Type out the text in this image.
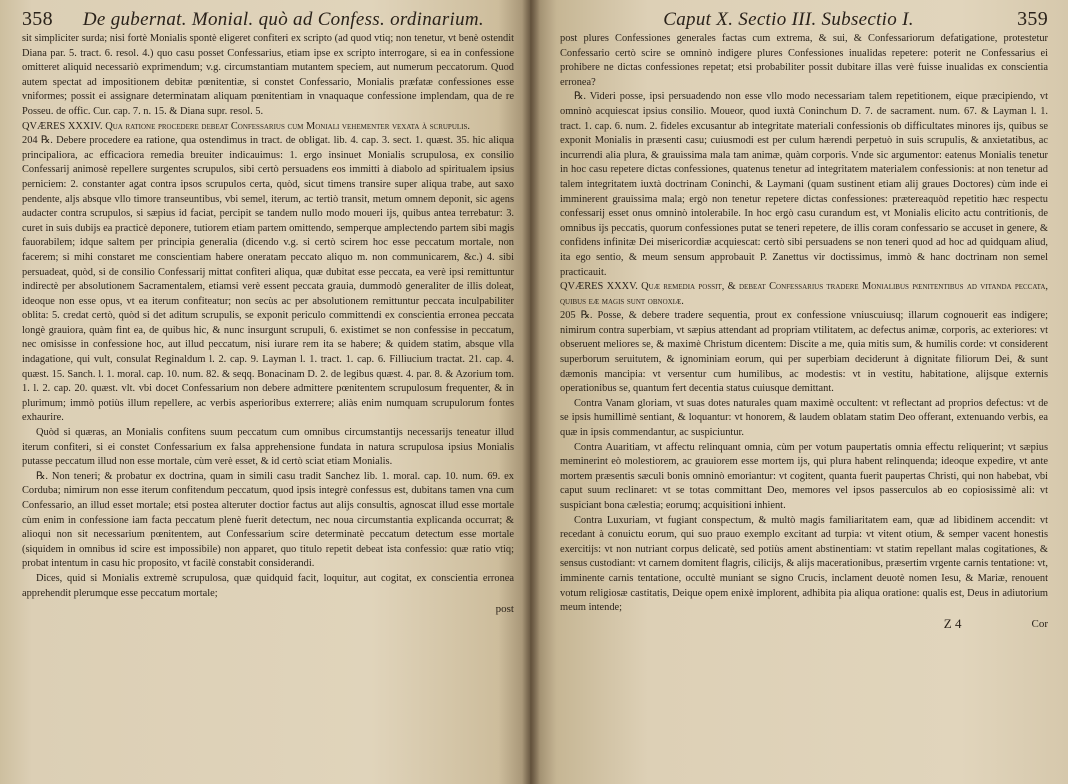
358	De gubernat. Monial. quò ad Confess. ordinarium.

sit simpliciter surda; nisi fortè Monialis spontè eligeret confiteri ex scripto (ad quod vtiq; non tenetur, vt benè ostendit Diana par. 5. tract. 6. resol. 4.) quo casu posset Confessarius, etiam ipse ex scripto interrogare, si ea in confessione omitteret aliquid necessariò exprimendum; v.g. circumstantiam mutantem speciem, aut numerum peccatorum. Quod autem spectat ad impositionem debitæ pœnitentiæ, si constet Confessario, Monialis præfatæ confessiones esse vniformes; possit ei assignare determinatam aliquam pœnitentiam in vnaquaque confessione implendam, qua de re Posseu. de offic. Cur. cap. 7. n. 15. & Diana supr. resol. 5.

QVÆRES XXXIV. Qua ratione procedere debeat Confessarius cum Moniali vehementer vexata à scrupulis.

204 ℞. Debere procedere ea ratione, qua ostendimus in tract. de obligat. lib. 4. cap. 3. sect. 1. quæst. 35. hic aliqua principaliora, ac efficaciora remedia breuiter indicauimus: 1. ergo insinuet Monialis scrupulosa, ex consilio Confessarij animosè repellere surgentes scrupulos, sibi certò persuadens eos immitti à diabolo ad spiritualem ipsius perniciem: 2. constanter agat contra ipsos scrupulos certa, quòd, sicut timens transire super aliqua trabe, aut saxo pendente, aljs absque vllo timore transeuntibus, vbi semel, iterum, ac tertiò transit, metum omnem deponit, sic agens audacter contra scrupulos, si sæpius id faciat, percipit se tandem nullo modo moueri ijs, quibus antea terrebatur: 3. curet in suis dubijs ea practicè deponere, tutiorem etiam partem omittendo, semperque amplectendo partem sibi magis fauorabilem; idque saltem per principia generalia (dicendo v.g. si certò scirem hoc esse peccatum mortale, non facerem; si mihi constaret me conscientiam habere oneratam peccato aliquo m. non communicarem, &c.) 4. sibi persuadeat, quòd, si de consilio Confessarij mittat confiteri aliqua, quæ dubitat esse peccata, ea verè ipsi remittuntur indirectè per absolutionem Sacramentalem, etiamsi verè essent peccata grauia, dummodò generaliter de illis doleat, ideoque non esse opus, vt ea iterum confiteatur; non secùs ac per absolutionem remittuntur peccata inculpabiliter oblita: 5. credat certò, quòd si det aditum scrupulis, se exponit periculo committendi ex conscientia erronea peccata longè grauiora, quàm fint ea, de quibus hic, & nunc insurgunt scrupuli, 6. existimet se non confessise in peccatum, nec omisisse in confessione hoc, aut illud peccatum, nisi iurare rem ita se habere; & quidem statim, absque vlla indagatione, qui vult, consulat Reginaldum l. 2. cap. 9. Layman l. 1. tract. 1. cap. 6. Filliucium tractat. 21. cap. 4. quæst. 15. Sanch. l. 1. moral. cap. 10. num. 82. & seqq. Bonacinam D. 2. de legibus quæst. 4. par. 8. & Azorium tom. 1. l. 2. cap. 20. quæst. vlt. vbi docet Confessarium non debere admittere pœnitentem scrupulosum frequenter, & in plurimum; immò potiùs illum repellere, ac verbis asperioribus exterrere; aliàs enim numquam scrupulorum fontes exhaurire.

Quòd si quæras, an Monialis confitens suum peccatum cum omnibus circumstantijs necessarijs teneatur illud iterum confiteri, si ei constet Confessarium ex falsa apprehensione fundata in natura scrupulosa ipsius Monialis putasse peccatum illud non esse mortale, cùm verè esset, & id certò sciat etiam Monialis.

℞. Non teneri; & probatur ex doctrina, quam in simili casu tradit Sanchez lib. 1. moral. cap. 10. num. 69. ex Corduba; nimirum non esse iterum confitendum peccatum, quod ipsis integrè confessus est, dubitans tamen vna cum Confessario, an illud esset mortale; etsi postea alteruter doctior factus aut alijs consultis, agnoscat illud esse mortale cùm enim in confessione iam facta peccatum plenè fuerit detectum, nec noua circumstantia explicanda occurrat; & alioqui non sit necessarium pœnitentem, aut Confessarium scire determinatè peccatum detectum esse mortale (siquidem in omnibus id scire est impossibile) non apparet, quo titulo repetit debeat ista confessio: quæ ratio vtiq; probat intentum in casu hic proposito, vt facilè constabit considerandi.

Dices, quid si Monialis extremè scrupulosa, quæ quidquid facit, loquitur, aut cogitat, ex conscientia erronea apprehendit plerumque esse peccatum mortale;

post
Caput X. Sectio III. Subsectio I.	359

post plures Confessiones generales factas cum extrema, & sui, & Confessariorum defatigatione, protestetur Confessario certò scire se omninò indigere plures Confessiones inualidas repetere: poterit ne Confessarius ei prohibere ne dictas confessiones repetat; etsi probabiliter possit dubitare illas verè fuisse inualidas ex conscientia erronea?

℞. Videri posse, ipsi persuadendo non esse vllo modo necessariam talem repetitionem, eique præcipiendo, vt omninò acquiescat ipsius consilio. Moueor, quod iuxtà Coninchum D. 7. de sacrament. num. 67. & Layman l. 1. tract. 1. cap. 6. num. 2. fideles excusantur ab integritate materiali confessionis ob difficultates minores ijs, quibus se exponit Monialis in præsenti casu; cuiusmodi est per culum hærendi perpetuò in suis scrupulis, & anxietatibus, ac incurrendi alia plura, & grauissima mala tam animæ, quàm corporis. Vnde sic argumentor: eatenus Monialis tenetur in hoc casu repetere dictas confessiones, quatenus tenetur ad integritatem materialem confessionis: at non tenetur ad talem integritatem iuxtà doctrinam Coninchi, & Laymani (quam sustinent etiam alij graues Doctores) cùm inde ei imminerent grauissima mala; ergò non tenetur repetere dictas confessiones: prætereaquòd repetitio hæc respectu confessarij esset onus omninò intolerabile. In hoc ergò casu curandum est, vt Monialis elicito actu contritionis, de omnibus ijs peccatis, quorum confessiones putat se teneri repetere, de illis coram confessario se accuset in genere, & confidens infinitæ Dei misericordiæ acquiescat: certò sibi persuadens se non teneri quod ad hoc ad quidquam aliud, ita ego sentio, & meum sensum approbauit P. Zanettus vir doctissimus, immò & hanc doctrinam non semel practicauit.

QVÆRES XXXV. Quæ remedia possit, & debeat Confessarius tradere Monialibus pœnitentibus ad vitanda peccata, quibus eæ magis sunt obnoxiæ.

205 ℞. Posse, & debere tradere sequentia, prout ex confessione vniuscuiusq; illarum cognouerit eas indigere; nimirum contra superbiam, vt sæpius attendant ad propriam vtilitatem, ac defectus animæ, corporis, ac exteriores: vt obseruent meliores se, & maximè Christum dicentem: Discite a me, quia mitis sum, & humilis corde: vt considerent superborum seruitutem, & ignominiam eorum, qui per superbiam deciderunt à dignitate filiorum Dei, & sunt dæmonis mancipia: vt versentur cum humilibus, ac modestis: vt in vestitu, habitatione, alijsque externis operationibus se, quantum fert decentia status cuiusque demittant.

Contra Vanam gloriam, vt suas dotes naturales quam maximè occultent: vt reflectant ad proprios defectus: vt de se ipsis humillimè sentiant, & loquantur: vt honorem, & laudem oblatam statim Deo offerant, extenuando verbis, ea quæ in ipsis commendantur, ac suspiciuntur.

Contra Auaritiam, vt affectu relinquant omnia, cùm per votum paupertatis omnia effectu reliquerint; vt sæpius meminerint eò molestiorem, ac grauiorem esse mortem ijs, qui plura habent relinquenda; ideoque expedire, vt ante mortem præsentis sæculi bonis omninò emoriantur: vt cogitent, quanta fuerit paupertas Christi, qui non habebat, vbi caput suum reclinaret: vt se totas committant Deo, memores vel ipsos passerculos ab eo copiosissimè ali: vt suspiciant bona cælestia; eorumq; acquisitioni inhient.

Contra Luxuriam, vt fugiant conspectum, & multò magis familiaritatem eam, quæ ad libidinem accendit: vt recedant à conuictu eorum, qui suo prauo exemplo excitant ad turpia: vt vitent otium, & semper vacent honestis exercitijs: vt non nutriant corpus delicatè, sed potiùs ament abstinentiam: vt statim repellant malas cogitationes, & sensus custodiant: vt carnem domitent flagris, cilicijs, & alijs macerationibus, præsertim vrgente carnis tentatione: vt, imminente carnis tentatione, occultè muniant se signo Crucis, inclament deuotè nomen Iesu, & Mariæ, renouent votum religiosæ castitatis, Deique opem enixè implorent, adhibita pia aliqua oratione: qualis est, Deus in adiutorium meum intende;

Z 4	Cor
